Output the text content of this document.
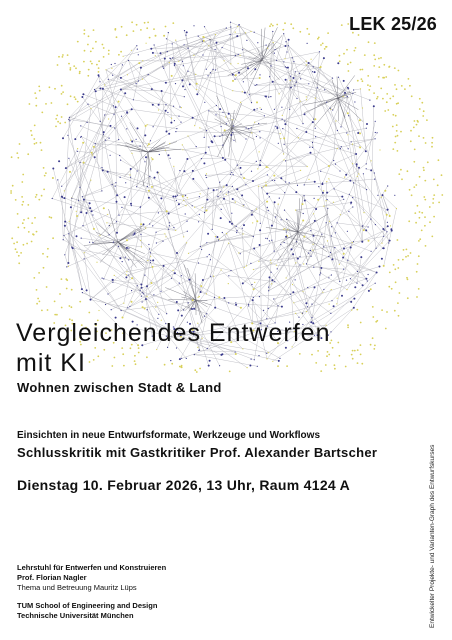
LEK 25/26
Vergleichendes Entwerfen
mit KI
Wohnen zwischen Stadt & Land
Einsichten in neue Entwurfsformate, Werkzeuge und Workflows
Schlusskritik mit Gastkritiker Prof. Alexander Bartscher
Dienstag 10. Februar 2026, 13 Uhr, Raum 4124 A
Lehrstuhl für Entwerfen und Konstruieren
Prof. Florian Nagler
Thema und Betreuung Mauritz Lüps
TUM School of Engineering and Design
Technische Universität München	Entwickelter Projekte- und Varianten-Graph des Entwurfskurses
